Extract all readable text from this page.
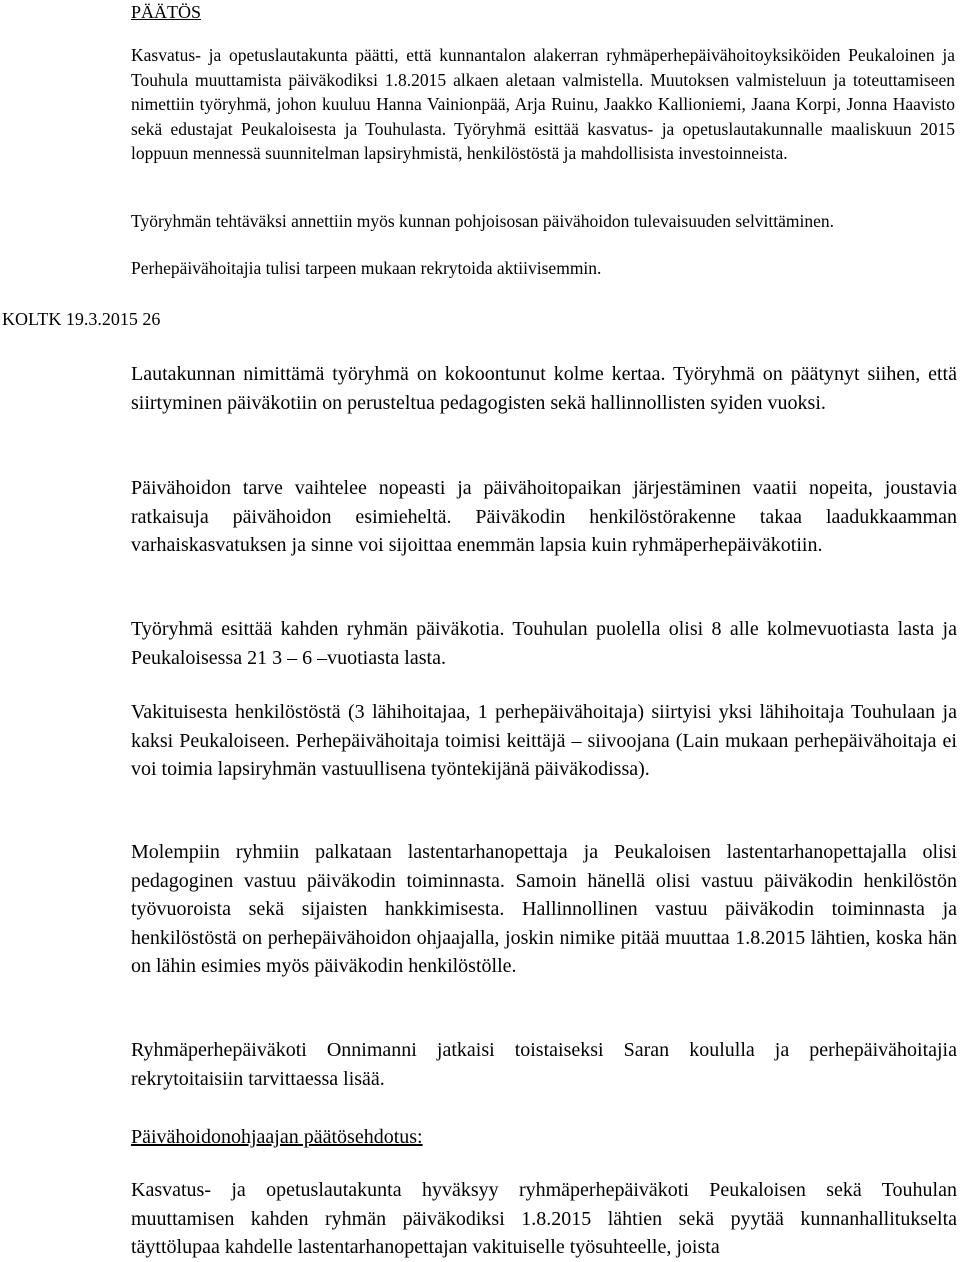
PÄÄTÖS

Kasvatus- ja opetuslautakunta päätti, että kunnantalon alakerran ryhmäperhepäivähoitoyksiköiden Peukaloinen ja Touhula muuttamista päiväkodiksi 1.8.2015 alkaen aletaan valmistella. Muutoksen valmisteluun ja toteuttamiseen nimettiin työryhmä, johon kuuluu Hanna Vainionpää, Arja Ruinu, Jaakko Kallioniemi, Jaana Korpi, Jonna Haavisto sekä edustajat Peukaloisesta ja Touhulasta. Työryhmä esittää kasvatus- ja opetuslautakunnalle maaliskuun 2015 loppuun mennessä suunnitelman lapsiryhmistä, henkilöstöstä ja mahdollisista investoinneista.

Työryhmän tehtäväksi annettiin myös kunnan pohjoisosan päivähoidon tulevaisuuden selvittäminen.

Perhepäivähoitajia tulisi tarpeen mukaan rekrytoida aktiivisemmin.

KOLTK 19.3.2015 26

Lautakunnan nimittämä työryhmä on kokoontunut kolme kertaa. Työryhmä on päätynyt siihen, että siirtyminen päiväkotiin on perusteltua pedagogisten sekä hallinnollisten syiden vuoksi.

Päivähoidon tarve vaihtelee nopeasti ja päivähoitopaikan järjestäminen vaatii nopeita, joustavia ratkaisuja päivähoidon esimieheltä. Päiväkodin henkilöstörakenne takaa laadukkaamman varhaiskasvatuksen ja sinne voi sijoittaa enemmän lapsia kuin ryhmäperhepäiväkotiin.

Työryhmä esittää kahden ryhmän päiväkotia. Touhulan puolella olisi 8 alle kolmevuotiasta lasta ja Peukaloisessa 21 3 – 6 –vuotiasta lasta.

Vakituisesta henkilöstöstä (3 lähihoitajaa, 1 perhepäivähoitaja) siirtyisi yksi lähihoitaja Touhulaan ja kaksi Peukaloiseen. Perhepäivähoitaja toimisi keittäjä – siivoojana (Lain mukaan perhepäivähoitaja ei voi toimia lapsiryhmän vastuullisena työntekijänä päiväkodissa).

Molempiin ryhmiin palkataan lastentarhanopettaja ja Peukaloisen lastentarhanopettajalla olisi pedagoginen vastuu päiväkodin toiminnasta. Samoin hänellä olisi vastuu päiväkodin henkilöstön työvuoroista sekä sijaisten hankkimisesta. Hallinnollinen vastuu päiväkodin toiminnasta ja henkilöstöstä on perhepäivähoidon ohjaajalla, joskin nimike pitää muuttaa 1.8.2015 lähtien, koska hän on lähin esimies myös päiväkodin henkilöstölle.

Ryhmäperhepäiväkoti Onnimanni jatkaisi toistaiseksi Saran koululla ja perhepäivähoitajia rekrytoitaisiin tarvittaessa lisää.

Päivähoidonohjaajan päätösehdotus:

Kasvatus- ja opetuslautakunta hyväksyy ryhmäperhepäiväkoti Peukaloisen sekä Touhulan muuttamisen kahden ryhmän päiväkodiksi 1.8.2015 lähtien sekä pyytää kunnanhallitukselta täyttölupaa kahdelle lastentarhanopettajan vakituiselle työsuhteelle, joista
